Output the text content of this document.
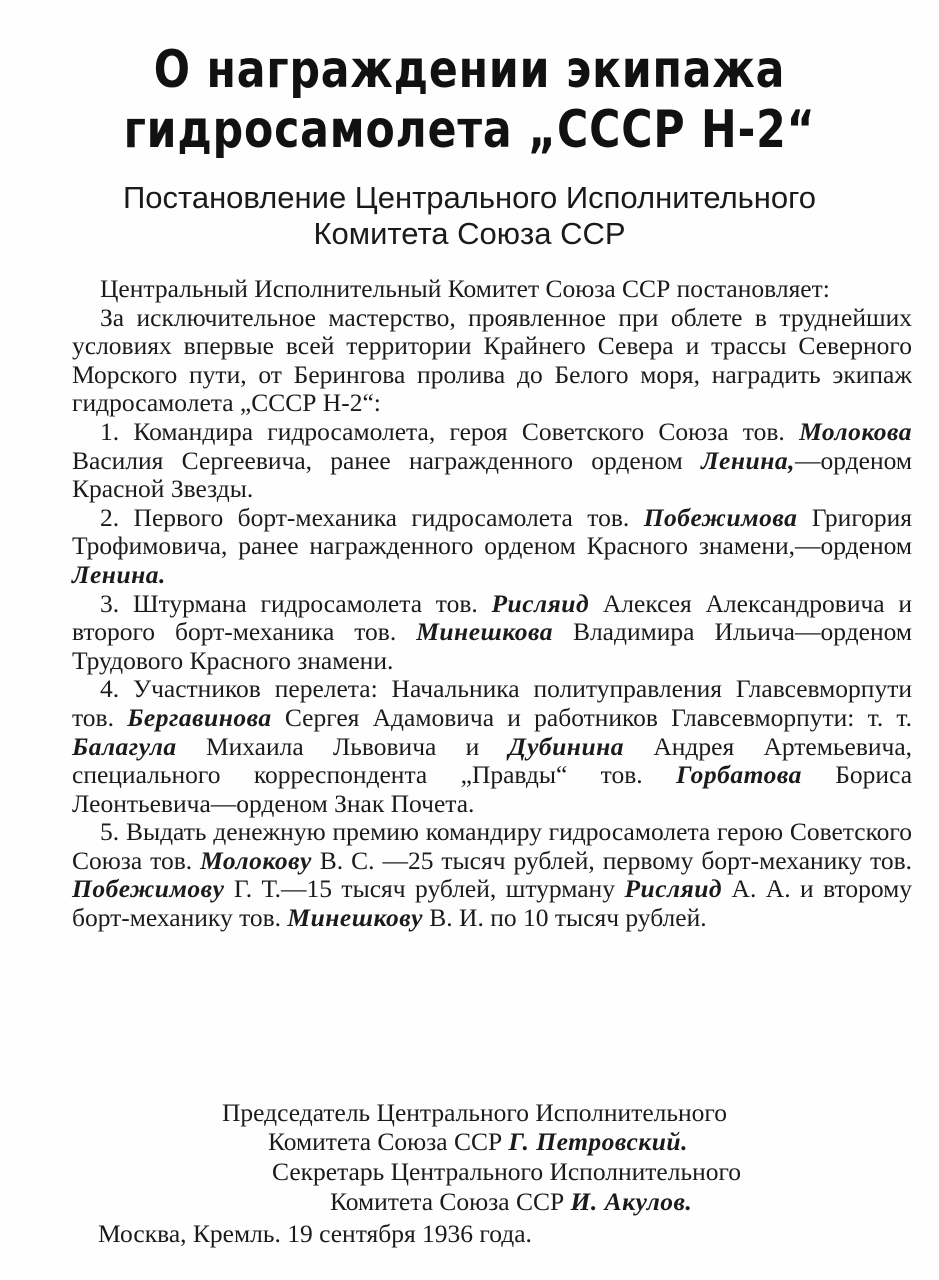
О награждении экипажа
гидросамолета „СССР Н-2“
Постановление Центрального Исполнительного
Комитета Союза ССР

Центральный Исполнительный Комитет Союза ССР постановляет:

За исключительное мастерство, проявленное при облете в труднейших условиях впервые всей территории Крайнего Севера и трассы Северного Морского пути, от Берингова пролива до Белого моря, наградить экипаж гидросамолета „СССР Н-2“:

1. Командира гидросамолета, героя Советского Союза тов. Молокова Василия Сергеевича, ранее награжденного орденом Ленина,—орденом Красной Звезды.

2. Первого борт-механика гидросамолета тов. Побежимова Григория Трофимовича, ранее награжденного орденом Красного знамени,—орденом Ленина.

3. Штурмана гидросамолета тов. Рисляид Алексея Александровича и второго борт-механика тов. Минешкова Владимира Ильича—орденом Трудового Красного знамени.

4. Участников перелета: Начальника политуправления Главсевморпути тов. Бергавинова Сергея Адамовича и работников Главсевморпути: т. т. Балагула Михаила Львовича и Дубинина Андрея Артемьевича, специального корреспондента „Правды“ тов. Горбатова Бориса Леонтьевича—орденом Знак Почета.

5. Выдать денежную премию командиру гидросамолета герою Советского Союза тов. Молокову В. С. —25 тысяч рублей, первому борт-механику тов. Побежимову Г. Т.—15 тысяч рублей, штурману Рисляид А. А. и второму борт-механику тов. Минешкову В. И. по 10 тысяч рублей.

Председатель Центрального Исполнительного
Комитета Союза ССР Г. Петровский.
Секретарь Центрального Исполнительного
Комитета Союза ССР И. Акулов.
Москва, Кремль. 19 сентября 1936 года.
